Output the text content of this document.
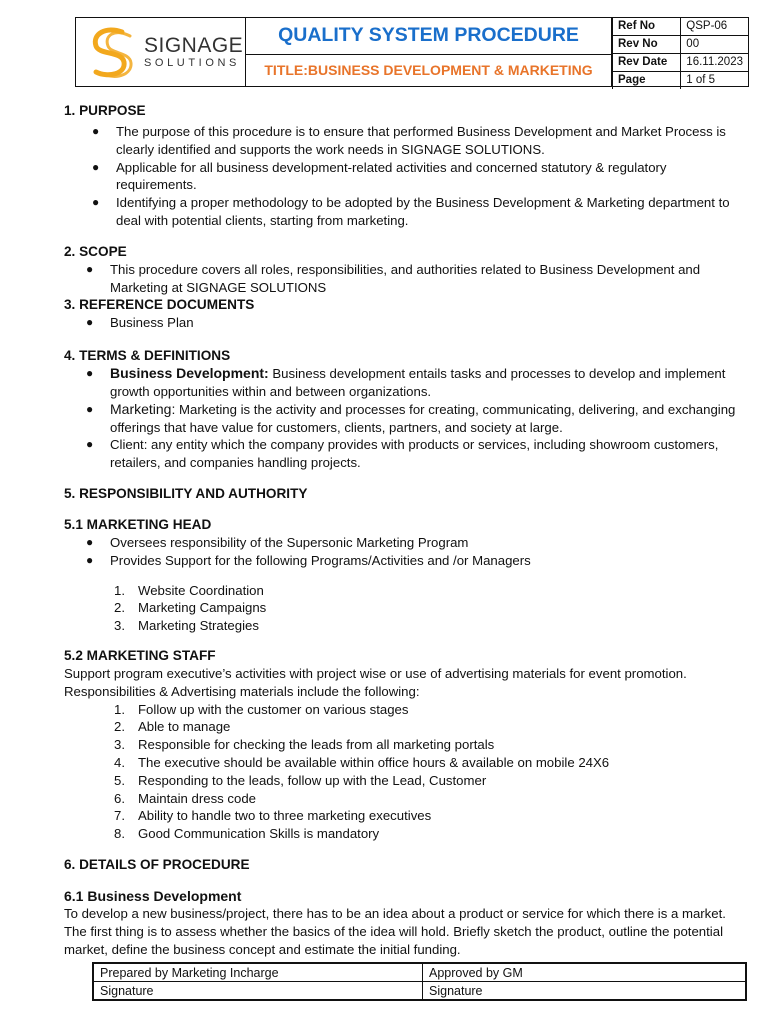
SIGNAGE
SOLUTIONS
QUALITY SYSTEM PROCEDURE
TITLE:BUSINESS DEVELOPMENT & MARKETING
Ref No	QSP-06
Rev No	00
Rev Date	16.11.2023
Page	1 of 5
1. PURPOSE
● The purpose of this procedure is to ensure that performed Business Development and Market Process is clearly identified and supports the work needs in SIGNAGE SOLUTIONS.
● Applicable for all business development-related activities and concerned statutory & regulatory requirements.
● Identifying a proper methodology to be adopted by the Business Development & Marketing department to deal with potential clients, starting from marketing.
2. SCOPE
● This procedure covers all roles, responsibilities, and authorities related to Business Development and Marketing at SIGNAGE SOLUTIONS
3. REFERENCE DOCUMENTS
● Business Plan
4. TERMS & DEFINITIONS
● Business Development: Business development entails tasks and processes to develop and implement growth opportunities within and between organizations.
● Marketing: Marketing is the activity and processes for creating, communicating, delivering, and exchanging offerings that have value for customers, clients, partners, and society at large.
● Client: any entity which the company provides with products or services, including showroom customers, retailers, and companies handling projects.
5. RESPONSIBILITY AND AUTHORITY
5.1 MARKETING HEAD
● Oversees responsibility of the Supersonic Marketing Program
● Provides Support for the following Programs/Activities and /or Managers
1. Website Coordination
2. Marketing Campaigns
3. Marketing Strategies
5.2 MARKETING STAFF

Support program executive’s activities with project wise or use of advertising materials for event promotion. Responsibilities & Advertising materials include the following:

1. Follow up with the customer on various stages
2. Able to manage
3. Responsible for checking the leads from all marketing portals
4. The executive should be available within office hours & available on mobile 24X6
5. Responding to the leads, follow up with the Lead, Customer
6. Maintain dress code
7. Ability to handle two to three marketing executives
8. Good Communication Skills is mandatory
6. DETAILS OF PROCEDURE
6.1 Business Development

To develop a new business/project, there has to be an idea about a product or service for which there is a market. The first thing is to assess whether the basics of the idea will hold. Briefly sketch the product, outline the potential market, define the business concept and estimate the initial funding.

Prepared by Marketing Incharge	Approved by GM
Signature	Signature
